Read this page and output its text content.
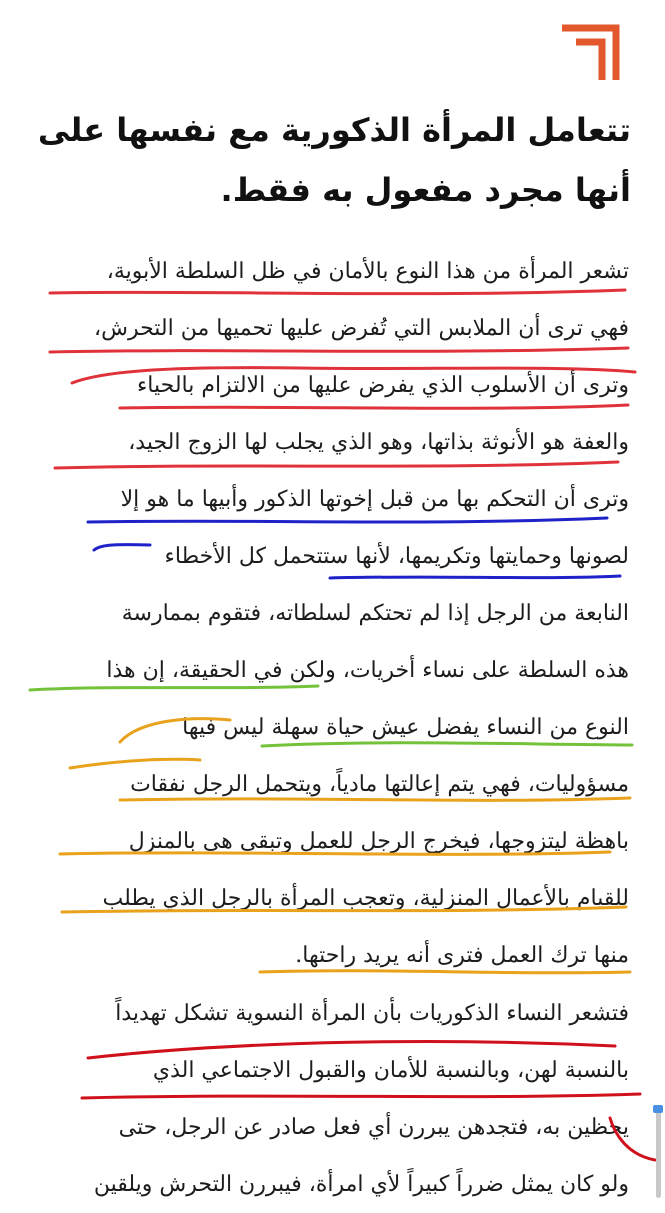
تتعامل المرأة الذكورية مع نفسها على أنها مجرد مفعول به فقط.
تشعر المرأة من هذا النوع بالأمان في ظل السلطة الأبوية،
فهي ترى أن الملابس التي تُفرض عليها تحميها من التحرش،
وترى أن الأسلوب الذي يفرض عليها من الالتزام بالحياء
والعفة هو الأنوثة بذاتها، وهو الذي يجلب لها الزوج الجيد،
وترى أن التحكم بها من قبل إخوتها الذكور وأبيها ما هو إلا
لصونها وحمايتها وتكريمها، لأنها ستتحمل كل الأخطاء
النابعة من الرجل إذا لم تحتكم لسلطاته، فتقوم بممارسة
هذه السلطة على نساء أخريات، ولكن في الحقيقة، إن هذا
النوع من النساء يفضل عيش حياة سهلة ليس فيها
مسؤوليات، فهي يتم إعالتها مادياً، ويتحمل الرجل نفقات
باهظة ليتزوجها، فيخرج الرجل للعمل وتبقى هي بالمنزل
للقيام بالأعمال المنزلية، وتعجب المرأة بالرجل الذي يطلب
منها ترك العمل فترى أنه يريد راحتها.
فتشعر النساء الذكوريات بأن المرأة النسوية تشكل تهديداً
بالنسبة لهن، وبالنسبة للأمان والقبول الاجتماعي الذي
يحظين به، فتجدهن يبررن أي فعل صادر عن الرجل، حتى
ولو كان يمثل ضرراً كبيراً لأي امرأة، فيبررن التحرش ويلقين
